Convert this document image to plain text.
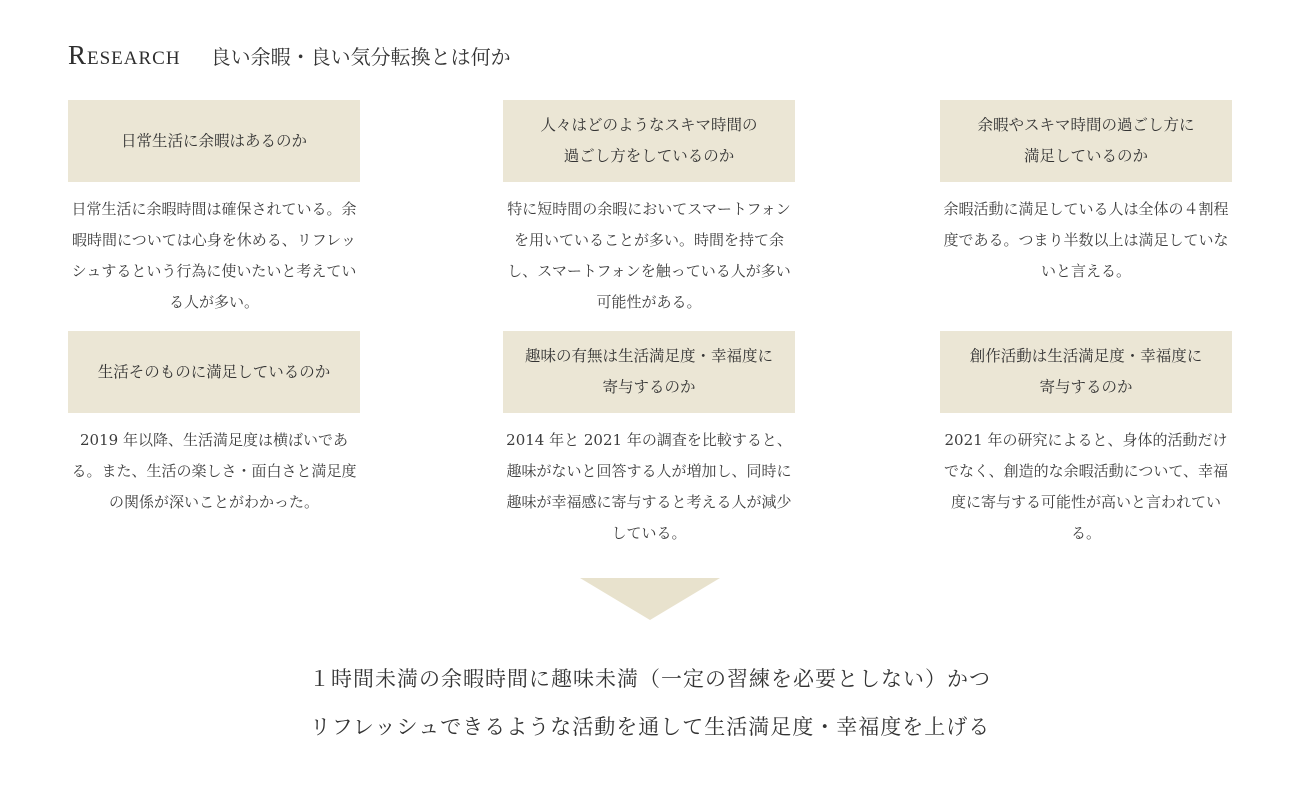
Research 良い余暇・良い気分転換とは何か
日常生活に余暇はあるのか
日常生活に余暇時間は確保されている。余暇時間については心身を休める、リフレッシュするという行為に使いたいと考えている人が多い。
人々はどのようなスキマ時間の
過ごし方をしているのか
特に短時間の余暇においてスマートフォンを用いていることが多い。時間を持て余し、スマートフォンを触っている人が多い可能性がある。
余暇やスキマ時間の過ごし方に
満足しているのか
余暇活動に満足している人は全体の４割程度である。つまり半数以上は満足していないと言える。
生活そのものに満足しているのか
2019 年以降、生活満足度は横ばいである。また、生活の楽しさ・面白さと満足度の関係が深いことがわかった。
趣味の有無は生活満足度・幸福度に
寄与するのか
2014 年と 2021 年の調査を比較すると、趣味がないと回答する人が増加し、同時に趣味が幸福感に寄与すると考える人が減少している。
創作活動は生活満足度・幸福度に
寄与するのか
2021 年の研究によると、身体的活動だけでなく、創造的な余暇活動について、幸福度に寄与する可能性が高いと言われている。
１時間未満の余暇時間に趣味未満（一定の習練を必要としない）かつ
リフレッシュできるような活動を通して生活満足度・幸福度を上げる
